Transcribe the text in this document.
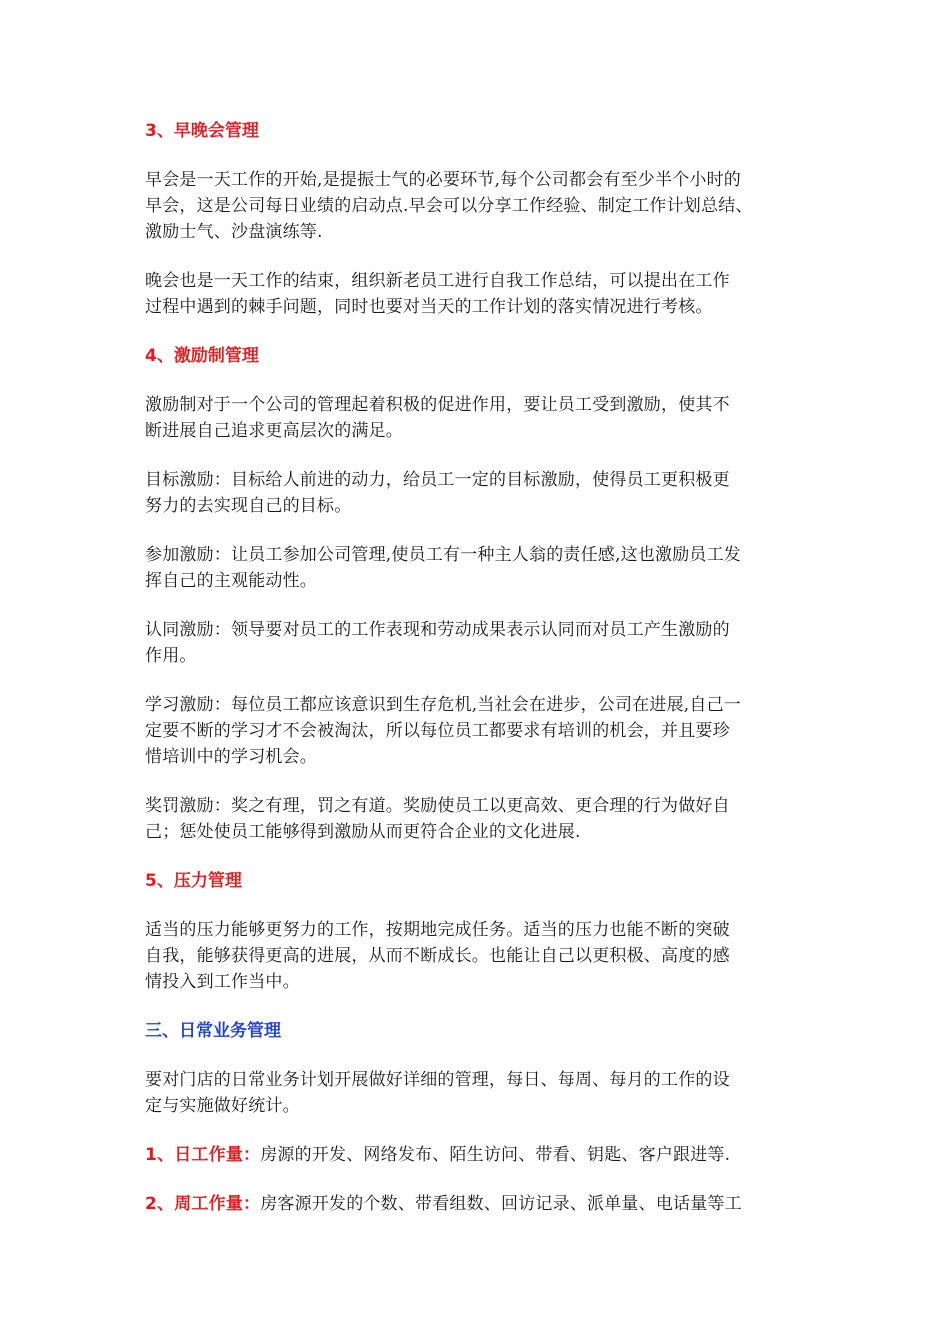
3、早晚会管理
早会是一天工作的开始,是提振士气的必要环节,每个公司都会有至少半个小时的
早会，这是公司每日业绩的启动点.早会可以分享工作经验、制定工作计划总结、
激励士气、沙盘演练等.
晚会也是一天工作的结束，组织新老员工进行自我工作总结，可以提出在工作
过程中遇到的棘手问题，同时也要对当天的工作计划的落实情况进行考核。
4、激励制管理
激励制对于一个公司的管理起着积极的促进作用，要让员工受到激励，使其不
断进展自己追求更高层次的满足。
目标激励：目标给人前进的动力，给员工一定的目标激励，使得员工更积极更
努力的去实现自己的目标。
参加激励：让员工参加公司管理,使员工有一种主人翁的责任感,这也激励员工发
挥自己的主观能动性。
认同激励：领导要对员工的工作表现和劳动成果表示认同而对员工产生激励的
作用。
学习激励：每位员工都应该意识到生存危机,当社会在进步，公司在进展,自己一
定要不断的学习才不会被淘汰，所以每位员工都要求有培训的机会，并且要珍
惜培训中的学习机会。
奖罚激励：奖之有理，罚之有道。奖励使员工以更高效、更合理的行为做好自
己；惩处使员工能够得到激励从而更符合企业的文化进展.
5、压力管理
适当的压力能够更努力的工作，按期地完成任务。适当的压力也能不断的突破
自我，能够获得更高的进展，从而不断成长。也能让自己以更积极、高度的感
情投入到工作当中。
三、日常业务管理
要对门店的日常业务计划开展做好详细的管理，每日、每周、每月的工作的设
定与实施做好统计。
1、日工作量：房源的开发、网络发布、陌生访问、带看、钥匙、客户跟进等.
2、周工作量：房客源开发的个数、带看组数、回访记录、派单量、电话量等工
